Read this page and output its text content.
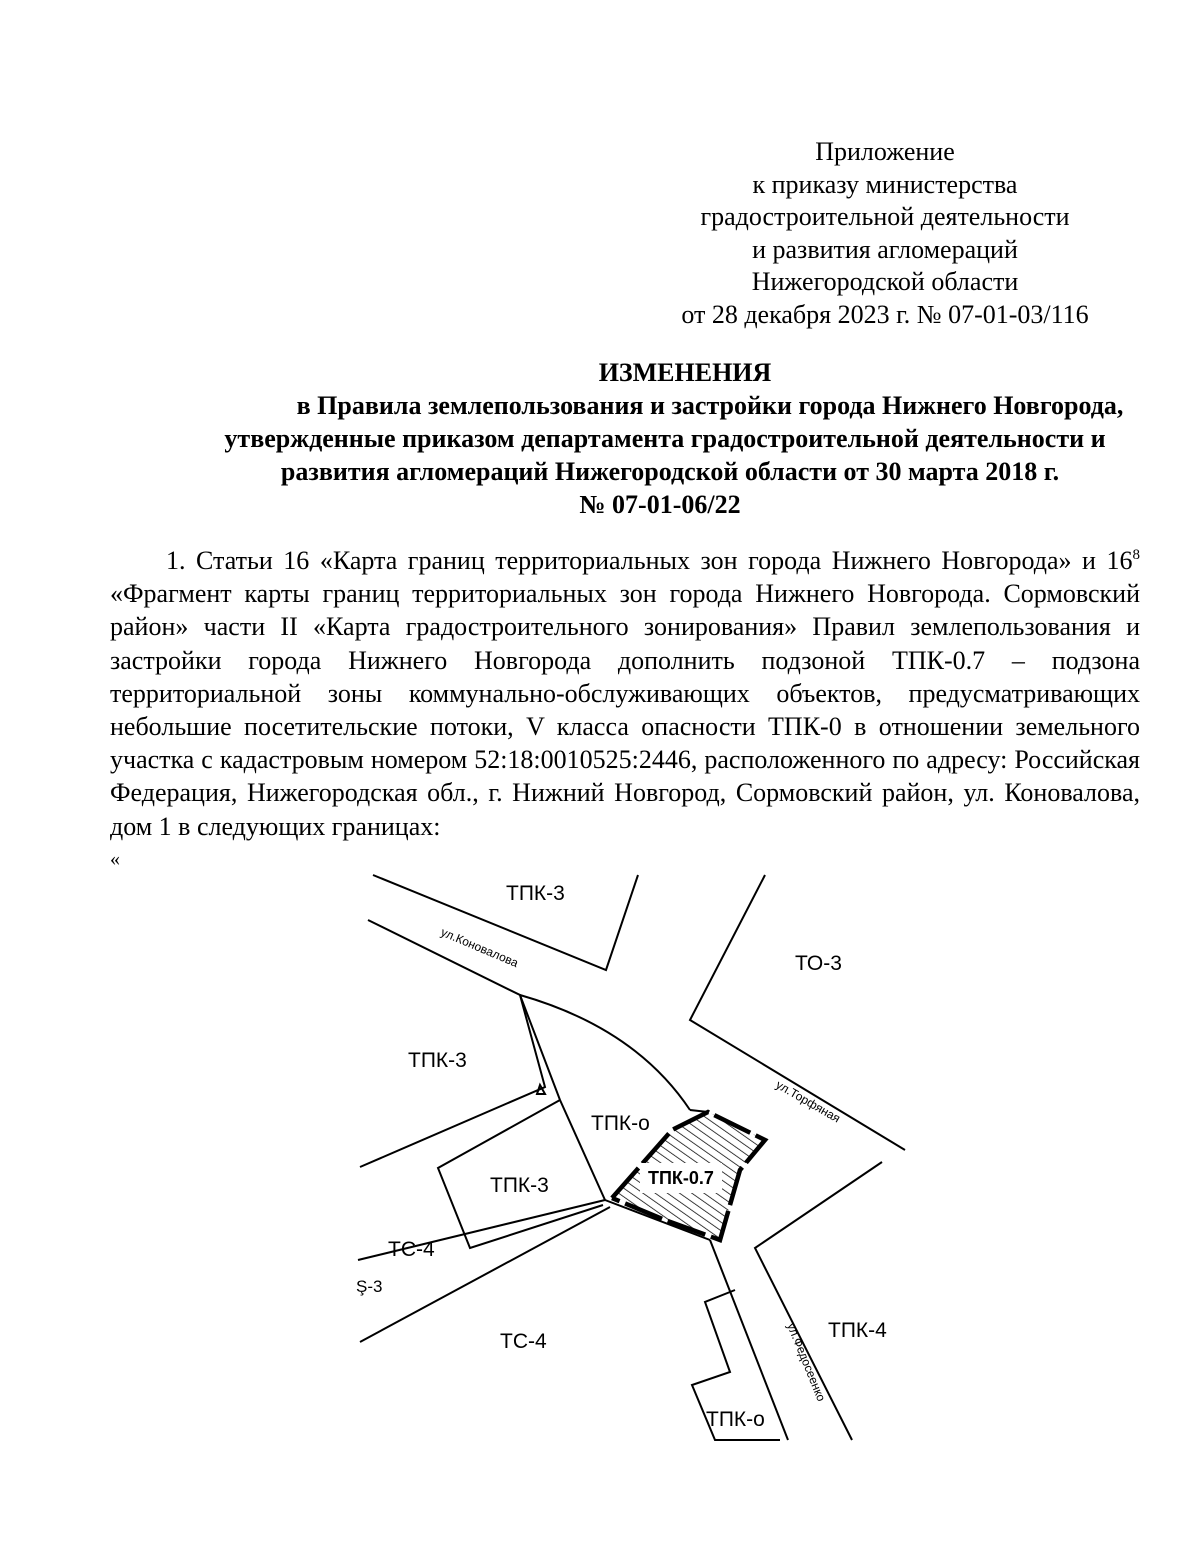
Приложение
к приказу министерства
градостроительной деятельности
и развития агломераций
Нижегородской области
от 28 декабря 2023 г. № 07-01-03/116
ИЗМЕНЕНИЯ
в Правила землепользования и застройки города Нижнего Новгорода,
утвержденные приказом департамента градостроительной деятельности и
развития агломераций Нижегородской области от 30 марта 2018 г.
№ 07-01-06/22
1. Статьи 16 «Карта границ территориальных зон города Нижнего Новгорода» и $16^8$ «Фрагмент карты границ территориальных зон города Нижнего Новгорода. Сормовский район» части II «Карта градостроительного зонирования» Правил землепользования и застройки города Нижнего Новгорода дополнить подзоной ТПК-0.7 – подзона территориальной зоны коммунально-обслуживающих объектов, предусматривающих небольшие посетительские потоки, V класса опасности ТПК-0 в отношении земельного участка с кадастровым номером 52:18:0010525:2446, расположенного по адресу: Российская Федерация, Нижегородская обл., г. Нижний Новгород, Сормовский район, ул. Коновалова, дом 1 в следующих границах:
«
ТПК-3
ТО-3
ТПК-3
ТПК-о
ТПК-0.7
ТПК-3
ТС-4
Ş-3
ТС-4	ТПК-4
ТПК-о
ул.Коновалова
ул.Торфяная
ул.Федосеенко
